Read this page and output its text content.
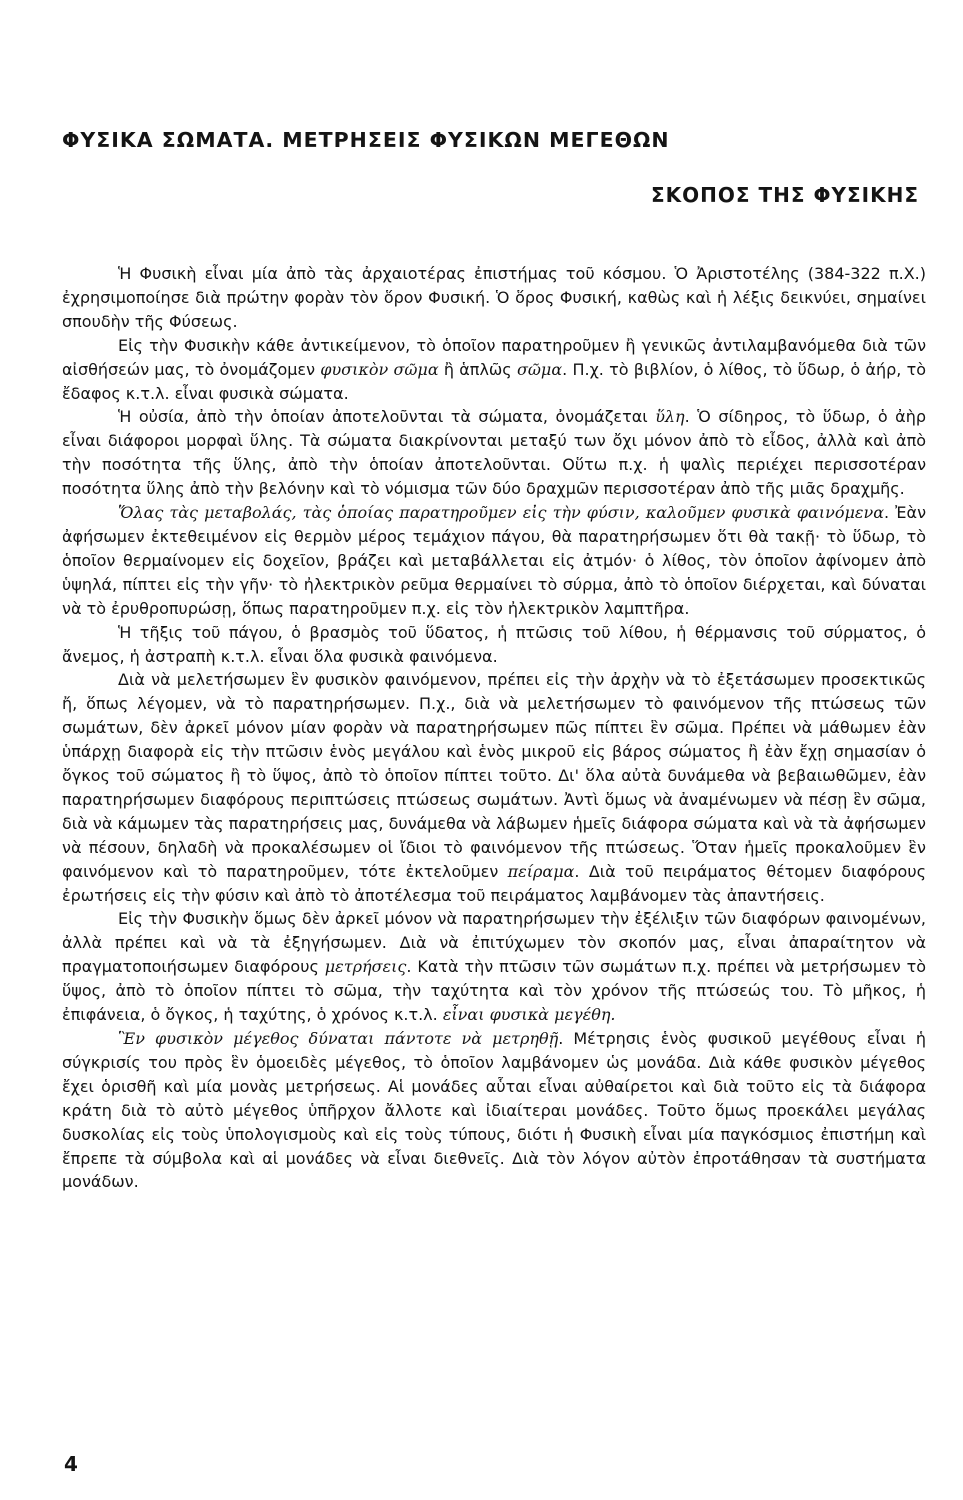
ΦΥΣΙΚΑ ΣΩΜΑΤΑ. ΜΕΤΡΗΣΕΙΣ ΦΥΣΙΚΩΝ ΜΕΓΕΘΩΝ
ΣΚΟΠΟΣ ΤΗΣ ΦΥΣΙΚΗΣ

Ἡ Φυσικὴ εἶναι μία ἀπὸ τὰς ἀρχαιοτέρας ἐπιστήμας τοῦ κόσμου. Ὁ Ἀριστοτέλης (384-322 π.Χ.) ἐχρησιμοποίησε διὰ πρώτην φορὰν τὸν ὅρον Φυσική. Ὁ ὅρος Φυσική, καθὼς καὶ ἡ λέξις δεικνύει, σημαίνει σπουδὴν τῆς Φύσεως.

Εἰς τὴν Φυσικὴν κάθε ἀντικείμενον, τὸ ὁποῖον παρατηροῦμεν ἢ γενικῶς ἀντιλαμβανόμεθα διὰ τῶν αἰσθήσεών μας, τὸ ὀνομάζομεν φυσικὸν σῶμα ἢ ἁπλῶς σῶμα. Π.χ. τὸ βιβλίον, ὁ λίθος, τὸ ὕδωρ, ὁ ἀήρ, τὸ ἔδαφος κ.τ.λ. εἶναι φυσικὰ σώματα.

Ἡ οὐσία, ἀπὸ τὴν ὁποίαν ἀποτελοῦνται τὰ σώματα, ὀνομάζεται ὕλη. Ὁ σίδηρος, τὸ ὕδωρ, ὁ ἀὴρ εἶναι διάφοροι μορφαὶ ὕλης. Τὰ σώματα διακρίνονται μεταξύ των ὄχι μόνον ἀπὸ τὸ εἶδος, ἀλλὰ καὶ ἀπὸ τὴν ποσότητα τῆς ὕλης, ἀπὸ τὴν ὁποίαν ἀποτελοῦνται. Οὕτω π.χ. ἡ ψαλὶς περιέχει περισσοτέραν ποσότητα ὕλης ἀπὸ τὴν βελόνην καὶ τὸ νόμισμα τῶν δύο δραχμῶν περισσοτέραν ἀπὸ τῆς μιᾶς δραχμῆς.

Ὅλας τὰς μεταβολάς, τὰς ὁποίας παρατηροῦμεν εἰς τὴν φύσιν, καλοῦμεν φυσικὰ φαινόμενα. Ἐὰν ἀφήσωμεν ἐκτεθειμένον εἰς θερμὸν μέρος τεμάχιον πάγου, θὰ παρατηρήσωμεν ὅτι θὰ τακῇ· τὸ ὕδωρ, τὸ ὁποῖον θερμαίνομεν εἰς δοχεῖον, βράζει καὶ μεταβάλλεται εἰς ἀτμόν· ὁ λίθος, τὸν ὁποῖον ἀφίνομεν ἀπὸ ὑψηλά, πίπτει εἰς τὴν γῆν· τὸ ἠλεκτρικὸν ρεῦμα θερμαίνει τὸ σύρμα, ἀπὸ τὸ ὁποῖον διέρχεται, καὶ δύναται νὰ τὸ ἐρυθροπυρώσῃ, ὅπως παρατηροῦμεν π.χ. εἰς τὸν ἠλεκτρικὸν λαμπτῆρα.

Ἡ τῆξις τοῦ πάγου, ὁ βρασμὸς τοῦ ὕδατος, ἡ πτῶσις τοῦ λίθου, ἡ θέρμανσις τοῦ σύρματος, ὁ ἄνεμος, ἡ ἀστραπὴ κ.τ.λ. εἶναι ὅλα φυσικὰ φαινόμενα.

Διὰ νὰ μελετήσωμεν ἓν φυσικὸν φαινόμενον, πρέπει εἰς τὴν ἀρχὴν νὰ τὸ ἐξετάσωμεν προσεκτικῶς ἤ, ὅπως λέγομεν, νὰ τὸ παρατηρήσωμεν. Π.χ., διὰ νὰ μελετήσωμεν τὸ φαινόμενον τῆς πτώσεως τῶν σωμάτων, δὲν ἀρκεῖ μόνον μίαν φορὰν νὰ παρατηρήσωμεν πῶς πίπτει ἓν σῶμα. Πρέπει νὰ μάθωμεν ἐὰν ὑπάρχῃ διαφορὰ εἰς τὴν πτῶσιν ἑνὸς μεγάλου καὶ ἑνὸς μικροῦ εἰς βάρος σώματος ἢ ἐὰν ἔχῃ σημασίαν ὁ ὄγκος τοῦ σώματος ἢ τὸ ὕψος, ἀπὸ τὸ ὁποῖον πίπτει τοῦτο. Δι' ὅλα αὐτὰ δυνάμεθα νὰ βεβαιωθῶμεν, ἐὰν παρατηρήσωμεν διαφόρους περιπτώσεις πτώσεως σωμάτων. Ἀντὶ ὅμως νὰ ἀναμένωμεν νὰ πέσῃ ἓν σῶμα, διὰ νὰ κάμωμεν τὰς παρατηρήσεις μας, δυνάμεθα νὰ λάβωμεν ἡμεῖς διάφορα σώματα καὶ νὰ τὰ ἀφήσωμεν νὰ πέσουν, δηλαδὴ νὰ προκαλέσωμεν οἱ ἴδιοι τὸ φαινόμενον τῆς πτώσεως. Ὅταν ἡμεῖς προκαλοῦμεν ἓν φαινόμενον καὶ τὸ παρατηροῦμεν, τότε ἐκτελοῦμεν πείραμα. Διὰ τοῦ πειράματος θέτομεν διαφόρους ἐρωτήσεις εἰς τὴν φύσιν καὶ ἀπὸ τὸ ἀποτέλεσμα τοῦ πειράματος λαμβάνομεν τὰς ἀπαντήσεις.

Εἰς τὴν Φυσικὴν ὅμως δὲν ἀρκεῖ μόνον νὰ παρατηρήσωμεν τὴν ἐξέλιξιν τῶν διαφόρων φαινομένων, ἀλλὰ πρέπει καὶ νὰ τὰ ἐξηγήσωμεν. Διὰ νὰ ἐπιτύχωμεν τὸν σκοπόν μας, εἶναι ἀπαραίτητον νὰ πραγματοποιήσωμεν διαφόρους μετρήσεις. Κατὰ τὴν πτῶσιν τῶν σωμάτων π.χ. πρέπει νὰ μετρήσωμεν τὸ ὕψος, ἀπὸ τὸ ὁποῖον πίπτει τὸ σῶμα, τὴν ταχύτητα καὶ τὸν χρόνον τῆς πτώσεώς του. Τὸ μῆκος, ἡ ἐπιφάνεια, ὁ ὄγκος, ἡ ταχύτης, ὁ χρόνος κ.τ.λ. εἶναι φυσικὰ μεγέθη.

Ἓν φυσικὸν μέγεθος δύναται πάντοτε νὰ μετρηθῇ. Μέτρησις ἑνὸς φυσικοῦ μεγέθους εἶναι ἡ σύγκρισίς του πρὸς ἓν ὁμοειδὲς μέγεθος, τὸ ὁποῖον λαμβάνομεν ὡς μονάδα. Διὰ κάθε φυσικὸν μέγεθος ἔχει ὁρισθῆ καὶ μία μονὰς μετρήσεως. Αἱ μονάδες αὗται εἶναι αὐθαίρετοι καὶ διὰ τοῦτο εἰς τὰ διάφορα κράτη διὰ τὸ αὐτὸ μέγεθος ὑπῆρχον ἄλλοτε καὶ ἰδιαίτεραι μονάδες. Τοῦτο ὅμως προεκάλει μεγάλας δυσκολίας εἰς τοὺς ὑπολογισμοὺς καὶ εἰς τοὺς τύπους, διότι ἡ Φυσικὴ εἶναι μία παγκόσμιος ἐπιστήμη καὶ ἔπρεπε τὰ σύμβολα καὶ αἱ μονάδες νὰ εἶναι διεθνεῖς. Διὰ τὸν λόγον αὐτὸν ἐπροτάθησαν τὰ συστήματα μονάδων.

4
